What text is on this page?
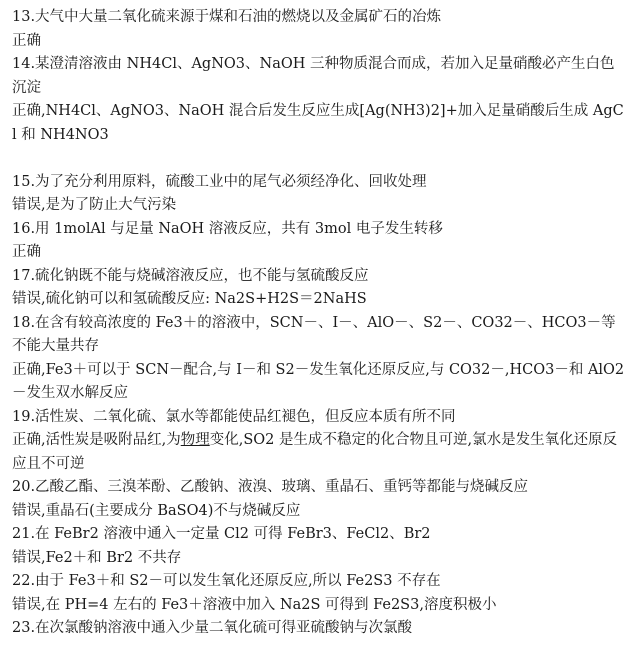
13.大气中大量二氧化硫来源于煤和石油的燃烧以及金属矿石的冶炼
正确
14.某澄清溶液由 NH4Cl、AgNO3、NaOH 三种物质混合而成，若加入足量硝酸必产生白色沉淀
正确,NH4Cl、AgNO3、NaOH 混合后发生反应生成[Ag(NH3)2]+加入足量硝酸后生成 AgCl 和 NH4NO3
15.为了充分利用原料，硫酸工业中的尾气必须经净化、回收处理
错误,是为了防止大气污染
16.用 1molAl 与足量 NaOH 溶液反应，共有 3mol 电子发生转移
正确
17.硫化钠既不能与烧碱溶液反应，也不能与氢硫酸反应
错误,硫化钠可以和氢硫酸反应: Na2S+H2S＝2NaHS
18.在含有较高浓度的 Fe3＋的溶液中，SCN－、I－、AlO－、S2－、CO32－、HCO3－等不能大量共存
正确,Fe3＋可以于 SCN－配合,与 I－和 S2－发生氧化还原反应,与 CO32－,HCO3－和 AlO2－发生双水解反应
19.活性炭、二氧化硫、氯水等都能使品红褪色，但反应本质有所不同
正确,活性炭是吸附品红,为物理变化,SO2 是生成不稳定的化合物且可逆,氯水是发生氧化还原反应且不可逆
20.乙酸乙酯、三溴苯酚、乙酸钠、液溴、玻璃、重晶石、重钙等都能与烧碱反应
错误,重晶石(主要成分 BaSO4)不与烧碱反应
21.在 FeBr2 溶液中通入一定量 Cl2 可得 FeBr3、FeCl2、Br2
错误,Fe2＋和 Br2 不共存
22.由于 Fe3＋和 S2－可以发生氧化还原反应,所以 Fe2S3 不存在
错误,在 PH=4 左右的 Fe3＋溶液中加入 Na2S 可得到 Fe2S3,溶度积极小
23.在次氯酸钠溶液中通入少量二氧化硫可得亚硫酸钠与次氯酸
